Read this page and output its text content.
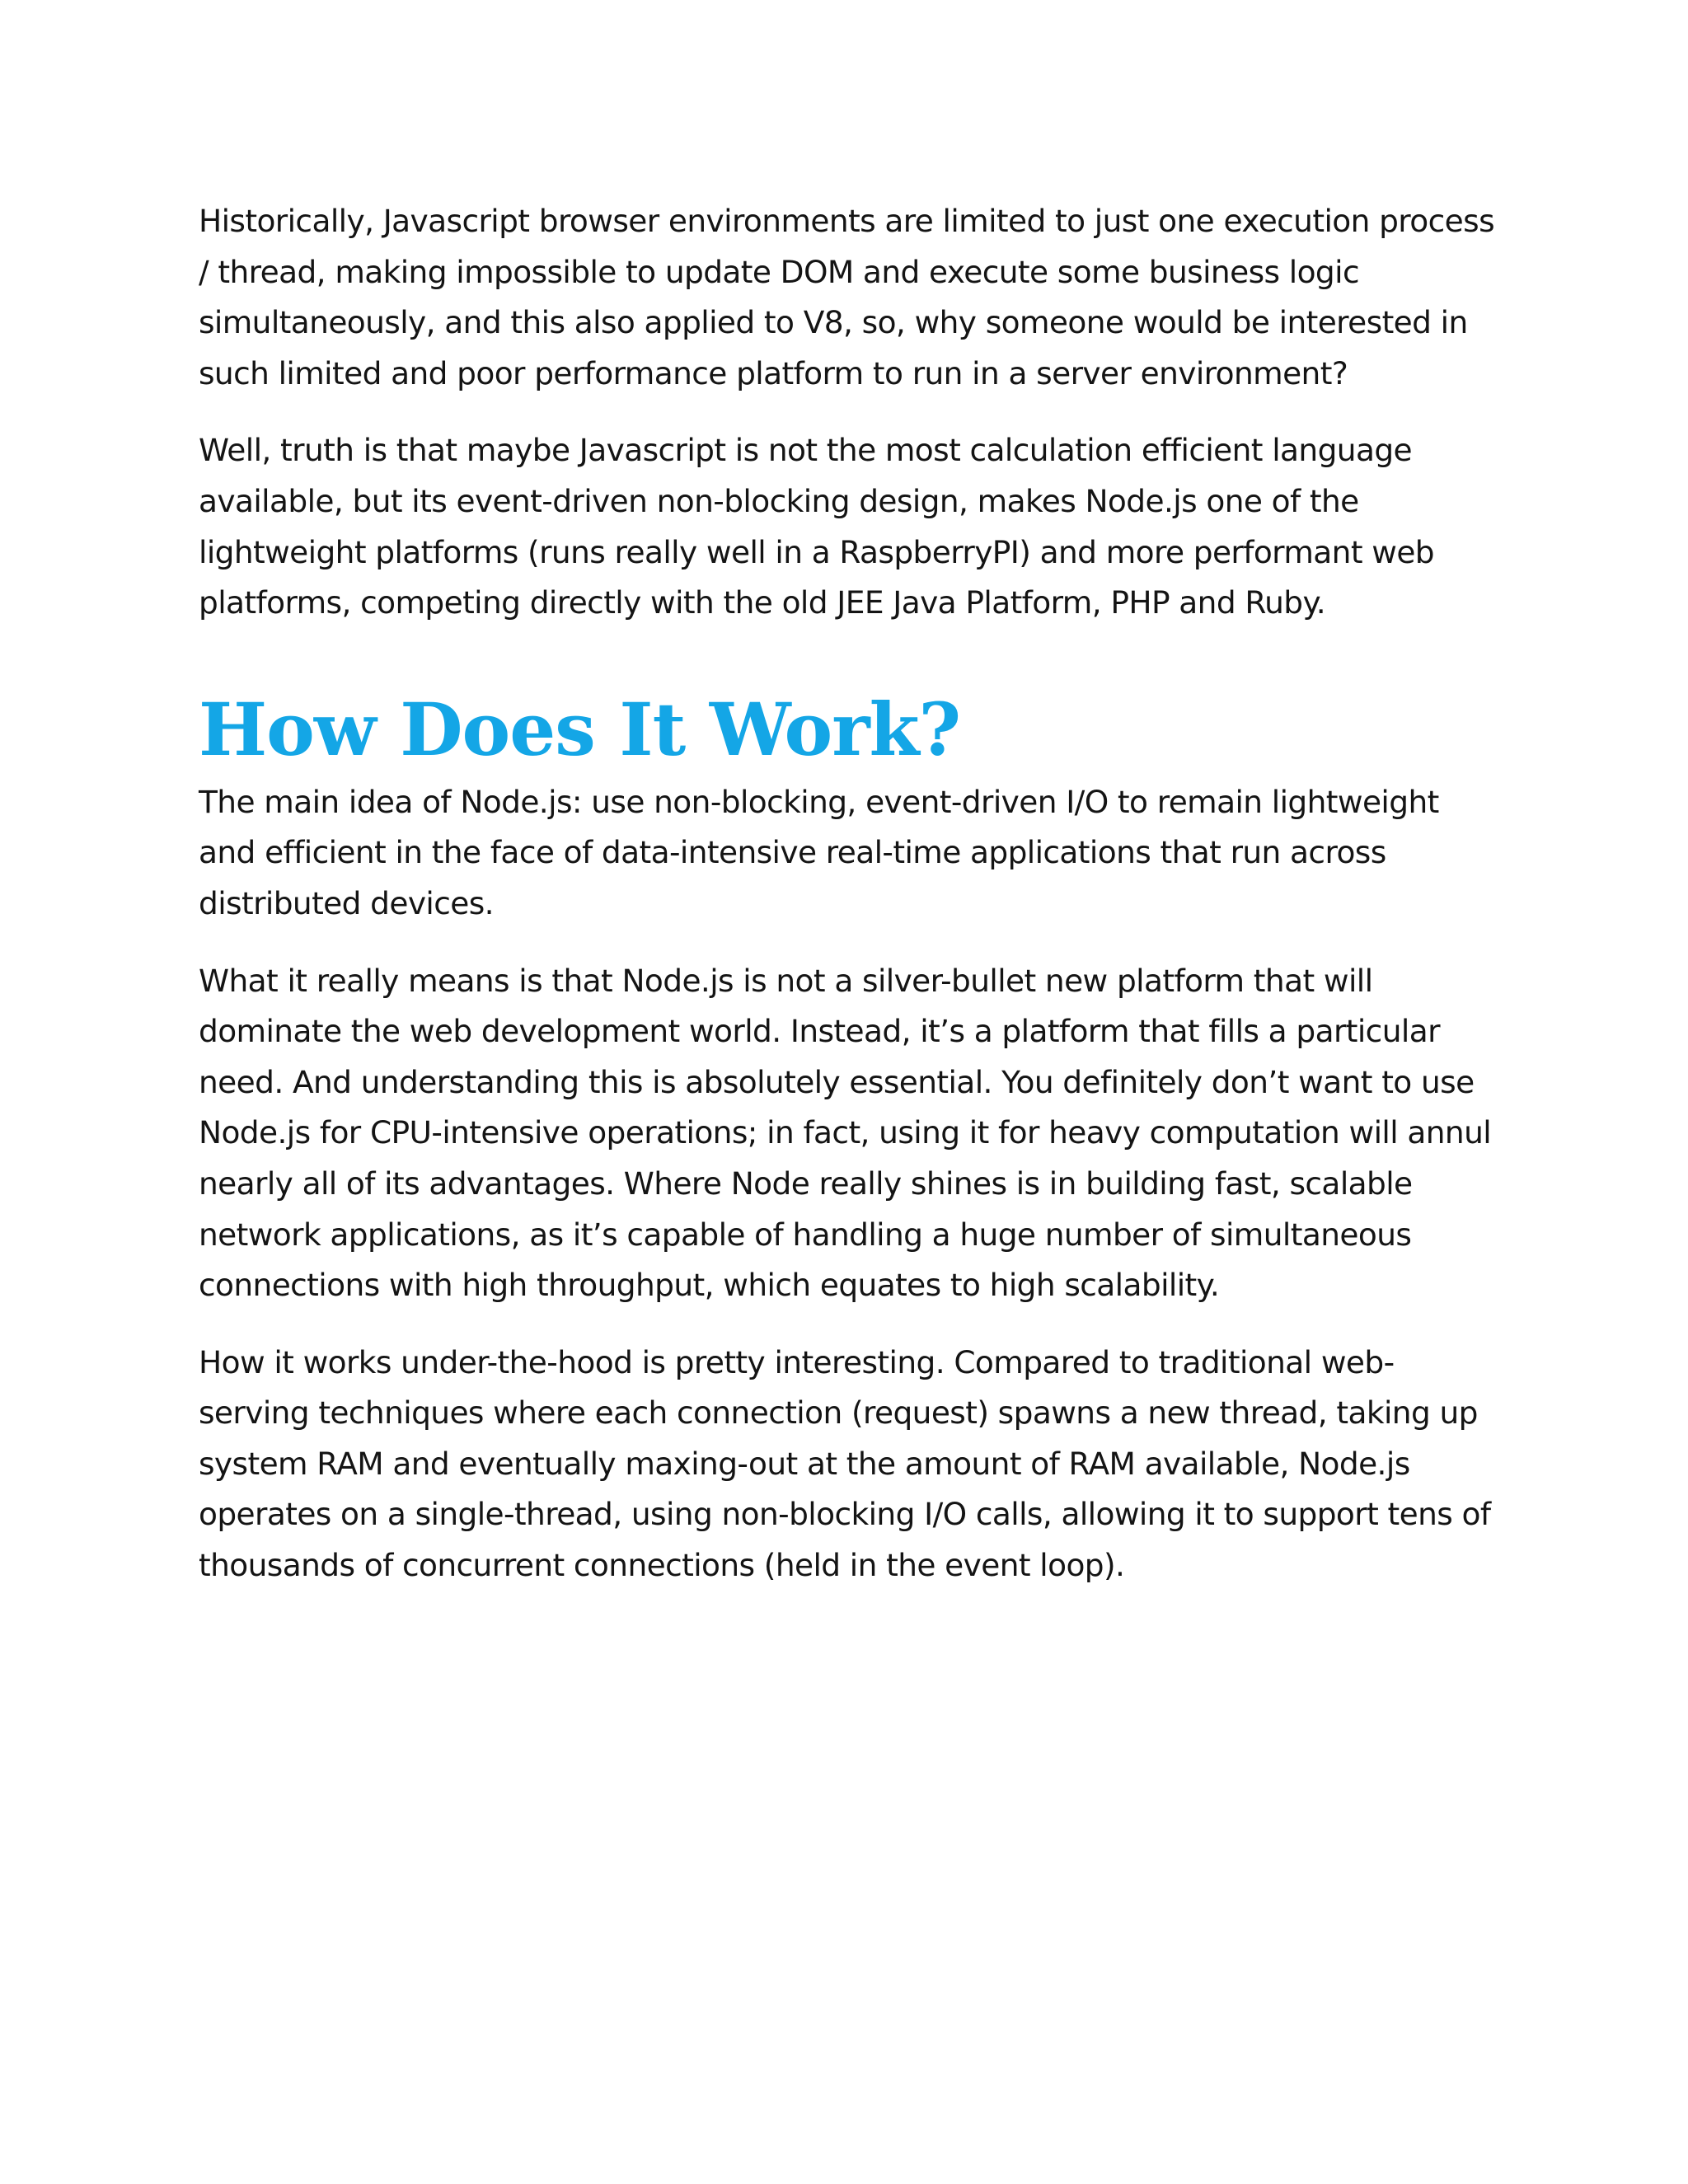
Historically, Javascript browser environments are limited to just one execution process / thread, making impossible to update DOM and execute some business logic simultaneously, and this also applied to V8, so, why someone would be interested in such limited and poor performance platform to run in a server environment?

Well, truth is that maybe Javascript is not the most calculation efficient language available, but its event-driven non-blocking design, makes Node.js one of the lightweight platforms (runs really well in a RaspberryPI) and more performant web platforms, competing directly with the old JEE Java Platform, PHP and Ruby.

How Does It Work?

The main idea of Node.js: use non-blocking, event-driven I/O to remain lightweight and efficient in the face of data-intensive real-time applications that run across distributed devices.

What it really means is that Node.js is not a silver-bullet new platform that will dominate the web development world. Instead, it’s a platform that fills a particular need. And understanding this is absolutely essential. You definitely don’t want to use Node.js for CPU-intensive operations; in fact, using it for heavy computation will annul nearly all of its advantages. Where Node really shines is in building fast, scalable network applications, as it’s capable of handling a huge number of simultaneous connections with high throughput, which equates to high scalability.

How it works under-the-hood is pretty interesting. Compared to traditional web-serving techniques where each connection (request) spawns a new thread, taking up system RAM and eventually maxing-out at the amount of RAM available, Node.js operates on a single-thread, using non-blocking I/O calls, allowing it to support tens of thousands of concurrent connections (held in the event loop).
